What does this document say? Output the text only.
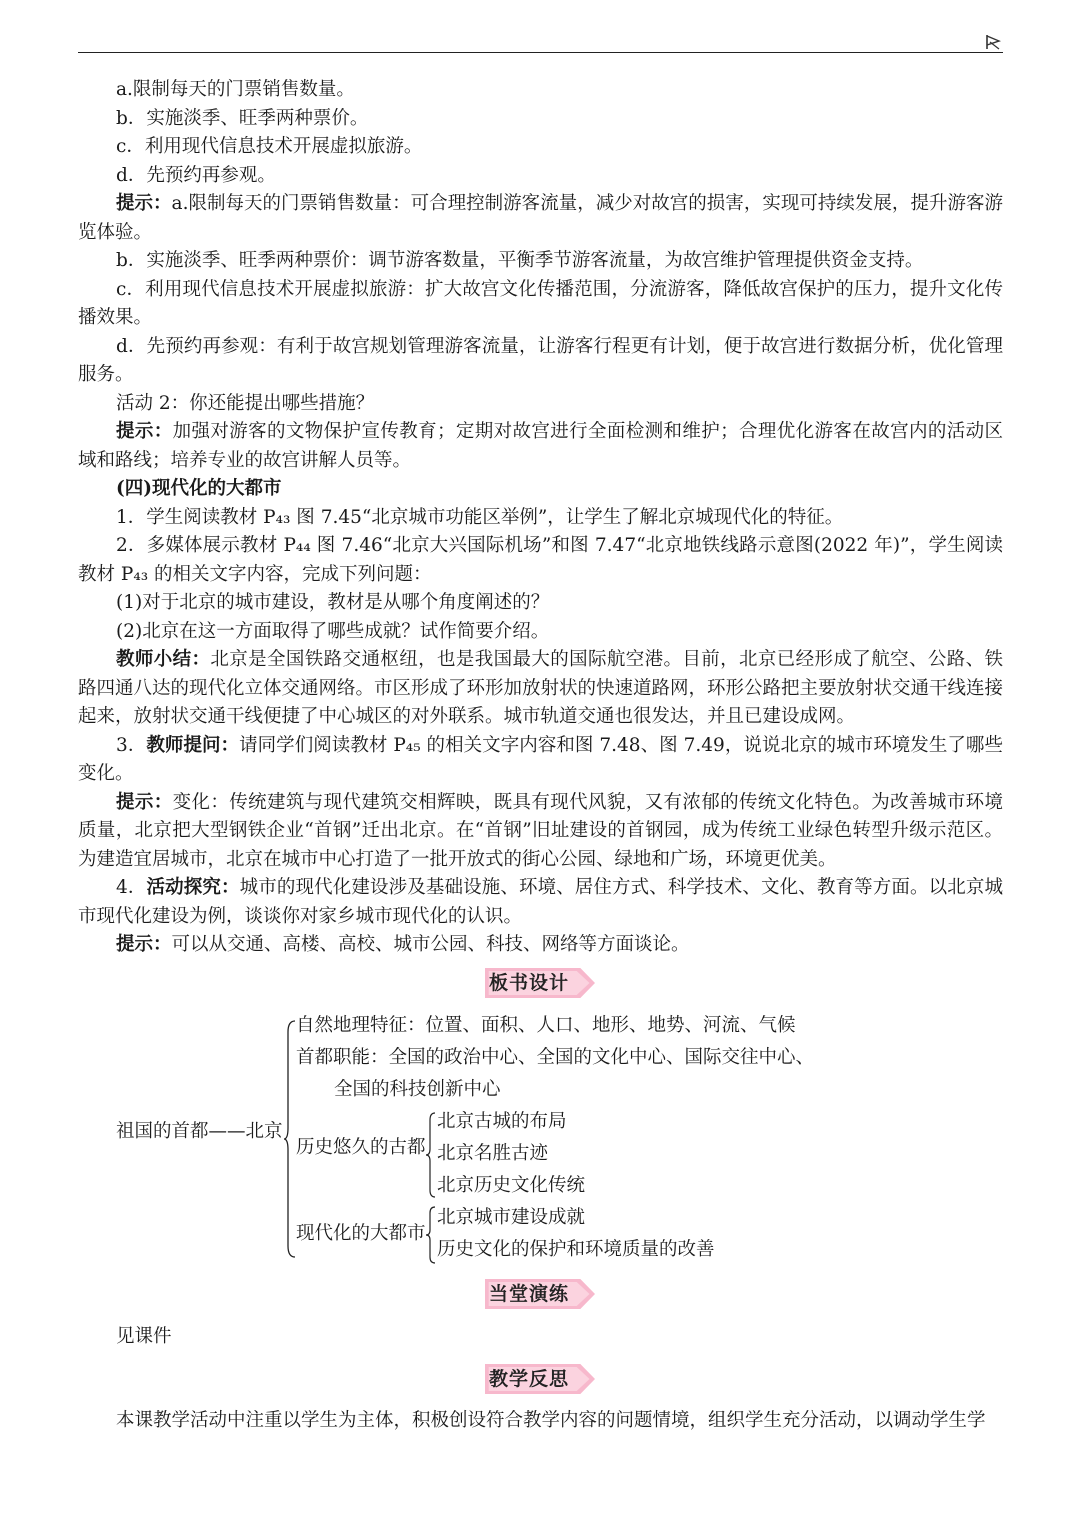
a.限制每天的门票销售数量。

b．实施淡季、旺季两种票价。

c．利用现代信息技术开展虚拟旅游。

d．先预约再参观。

提示：a.限制每天的门票销售数量：可合理控制游客流量，减少对故宫的损害，实现可持续发展，提升游客游览体验。

b．实施淡季、旺季两种票价：调节游客数量，平衡季节游客流量，为故宫维护管理提供资金支持。

c．利用现代信息技术开展虚拟旅游：扩大故宫文化传播范围，分流游客，降低故宫保护的压力，提升文化传播效果。

d．先预约再参观：有利于故宫规划管理游客流量，让游客行程更有计划，便于故宫进行数据分析，优化管理服务。

活动 2：你还能提出哪些措施？

提示：加强对游客的文物保护宣传教育；定期对故宫进行全面检测和维护；合理优化游客在故宫内的活动区域和路线；培养专业的故宫讲解人员等。

(四)现代化的大都市

1．学生阅读教材 P₄₃ 图 7.45“北京城市功能区举例”，让学生了解北京城现代化的特征。

2．多媒体展示教材 P₄₄ 图 7.46“北京大兴国际机场”和图 7.47“北京地铁线路示意图(2022 年)”，学生阅读教材 P₄₃ 的相关文字内容，完成下列问题：

(1)对于北京的城市建设，教材是从哪个角度阐述的？

(2)北京在这一方面取得了哪些成就？试作简要介绍。

教师小结：北京是全国铁路交通枢纽，也是我国最大的国际航空港。目前，北京已经形成了航空、公路、铁路四通八达的现代化立体交通网络。市区形成了环形加放射状的快速道路网，环形公路把主要放射状交通干线连接起来，放射状交通干线便捷了中心城区的对外联系。城市轨道交通也很发达，并且已建设成网。

3．教师提问：请同学们阅读教材 P₄₅ 的相关文字内容和图 7.48、图 7.49，说说北京的城市环境发生了哪些变化。

提示：变化：传统建筑与现代建筑交相辉映，既具有现代风貌，又有浓郁的传统文化特色。为改善城市环境质量，北京把大型钢铁企业“首钢”迁出北京。在“首钢”旧址建设的首钢园，成为传统工业绿色转型升级示范区。为建造宜居城市，北京在城市中心打造了一批开放式的街心公园、绿地和广场，环境更优美。

4．活动探究：城市的现代化建设涉及基础设施、环境、居住方式、科学技术、文化、教育等方面。以北京城市现代化建设为例，谈谈你对家乡城市现代化的认识。

提示：可以从交通、高楼、高校、城市公园、科技、网络等方面谈论。

板书设计
祖国的首都——北京
自然地理特征：位置、面积、人口、地形、地势、河流、气候
首都职能：全国的政治中心、全国的文化中心、国际交往中心、
全国的科技创新中心
历史悠久的古都
北京古城的布局
北京名胜古迹
北京历史文化传统
现代化的大都市
北京城市建设成就
历史文化的保护和环境质量的改善
当堂演练

见课件

教学反思

本课教学活动中注重以学生为主体，积极创设符合教学内容的问题情境，组织学生充分活动，以调动学生学
